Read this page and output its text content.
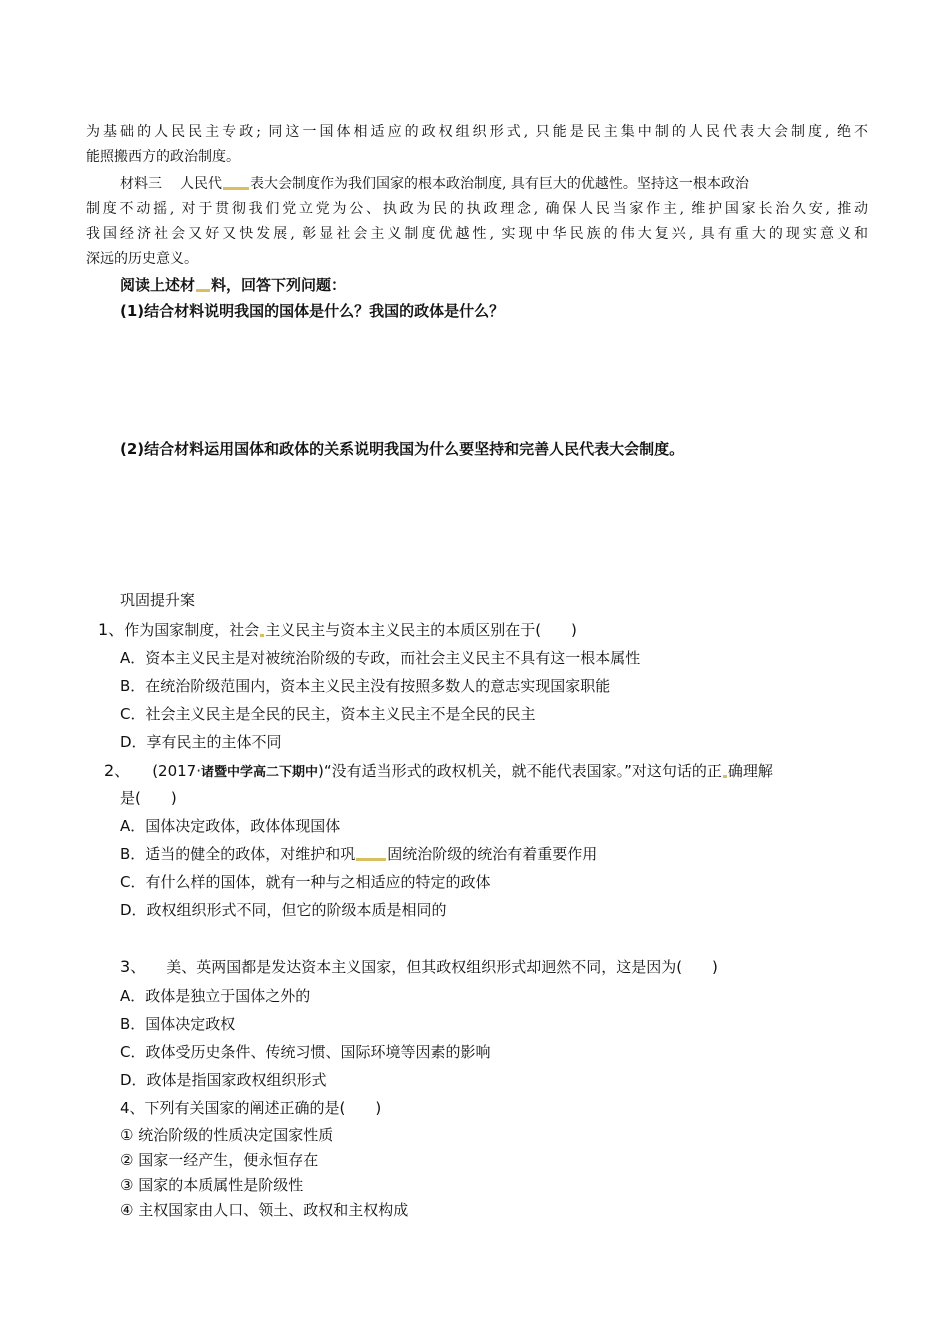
为基础的人民民主专政; 同这一国体相适应的政权组织形式, 只能是民主集中制的人民代表大会制度, 绝不
能照搬西方的政治制度。
材料三 人民代 表大会制度作为我们国家的根本政治制度, 具有巨大的优越性。坚持这一根本政治
制度不动摇, 对于贯彻我们党立党为公、执政为民的执政理念, 确保人民当家作主, 维护国家长治久安, 推动
我国经济社会又好又快发展, 彰显社会主义制度优越性, 实现中华民族的伟大复兴, 具有重大的现实意义和
深远的历史意义。
阅读上述材 料，回答下列问题：
(1)结合材料说明我国的国体是什么？我国的政体是什么？
(2)结合材料运用国体和政体的关系说明我国为什么要坚持和完善人民代表大会制度。
巩固提升案
1、作为国家制度，社会 主义民主与资本主义民主的本质区别在于(　　)
A．资本主义民主是对被统治阶级的专政，而社会主义民主不具有这一根本属性
B．在统治阶级范围内，资本主义民主没有按照多数人的意志实现国家职能
C．社会主义民主是全民的民主，资本主义民主不是全民的民主
D．享有民主的主体不同
2、 (2017·诸暨中学高二下期中)“没有适当形式的政权机关，就不能代表国家。”对这句话的正 确理解
是(　　)
A．国体决定政体，政体体现国体
B．适当的健全的政体，对维护和巩 固统治阶级的统治有着重要作用
C．有什么样的国体，就有一种与之相适应的特定的政体
D．政权组织形式不同，但它的阶级本质是相同的
3、 美、英两国都是发达资本主义国家，但其政权组织形式却迥然不同，这是因为(　　)
A．政体是独立于国体之外的
B．国体决定政权
C．政体受历史条件、传统习惯、国际环境等因素的影响
D．政体是指国家政权组织形式
4、下列有关国家的阐述正确的是(　　)
① 统治阶级的性质决定国家性质
② 国家一经产生，便永恒存在
③ 国家的本质属性是阶级性
④ 主权国家由人口、领土、政权和主权构成
